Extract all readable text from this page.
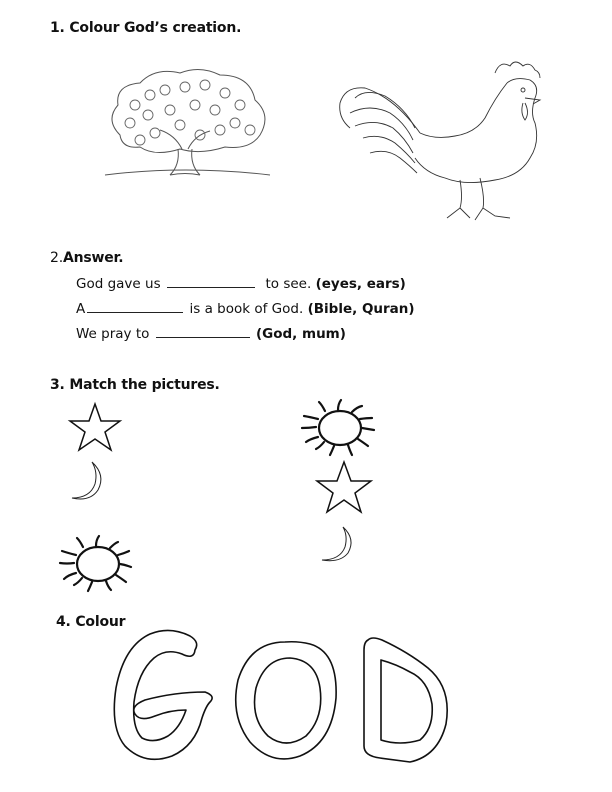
1. Colour God’s creation.
2.Answer.
God gave us	to see. (eyes, ears)
A	is a book of God. (Bible, Quran)
We pray to	(God, mum)
3. Match the pictures.
4. Colour
